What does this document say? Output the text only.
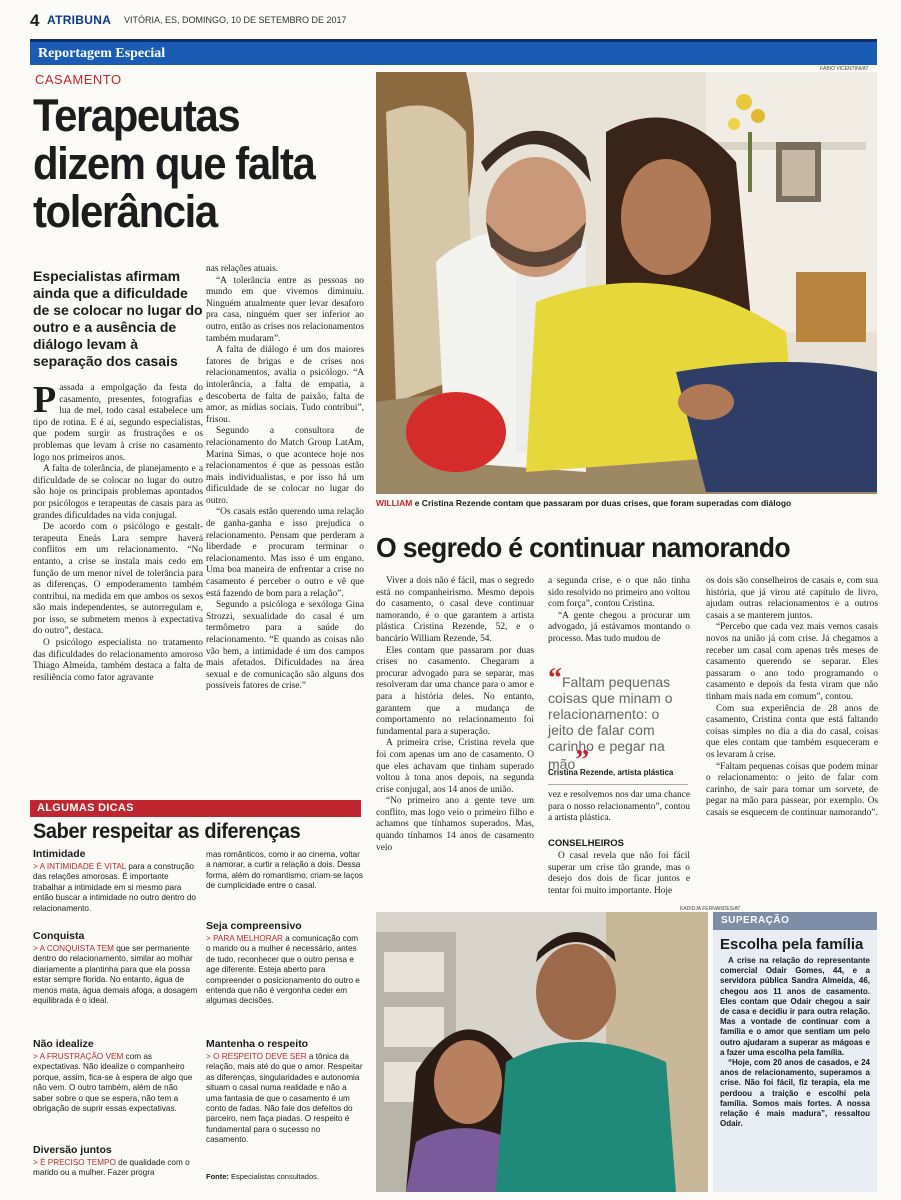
4 ATRIBUNA VITÓRIA, ES, DOMINGO, 10 DE SETEMBRO DE 2017
Reportagem Especial
CASAMENTO
Terapeutas dizem que falta tolerância
Especialistas afirmam ainda que a dificuldade de se colocar no lugar do outro e a ausência de diálogo levam à separação dos casais

Passada a empolgação da festa do casamento, presentes, fotografias e lua de mel, todo casal estabelece um tipo de rotina. E é aí, segundo especialistas, que podem surgir as frustrações e os problemas que levam à crise no casamento logo nos primeiros anos.

A falta de tolerância, de planejamento e a dificuldade de se colocar no lugar do outro são hoje os principais problemas apontados por psicólogos e terapeutas de casais para as grandes dificuldades na vida conjugal.

De acordo com o psicólogo e gestalt-terapeuta Eneás Lara sempre haverá conflitos em um relacionamento. “No entanto, a crise se instala mais cedo em função de um menor nível de tolerância para as diferenças. O empoderamento também contribui, na medida em que ambos os sexos são mais independentes, se autorregulam e, por isso, se submetem menos à expectativa do outro”, destaca.

O psicólogo especialista no tratamento das dificuldades do relacionamento amoroso Thiago Almeida, também destaca a falta de resiliência como fator agravante

nas relações atuais.

“A tolerância entre as pessoas no mundo em que vivemos diminuiu. Ninguém atualmente quer levar desaforo pra casa, ninguém quer ser inferior ao outro, então as crises nos relacionamentos também mudaram”.

A falta de diálogo é um dos maiores fatores de brigas e de crises nos relacionamentos, avalia o psicólogo. “A intolerância, a falta de empatia, a descoberta de falta de paixão, falta de amor, as mídias sociais. Tudo contribui”, frisou.

Segundo a consultora de relacionamento do Match Group LatAm, Marina Simas, o que acontece hoje nos relacionamentos é que as pessoas estão mais individualistas, e por isso há um dificuldade de se colocar no lugar do outro.

“Os casais estão querendo uma relação de ganha-ganha e isso prejudica o relacionamento. Pensam que perderam a liberdade e procuram terminar o relacionamento. Mas isso é um engano. Uma boa maneira de enfrentar a crise no casamento é perceber o outro e vê que está fazendo de bom para a relação”.

Segundo a psicóloga e sexóloga Gina Strozzi, sexualidade do casal é um termômetro para a saúde do relacionamento. “E quando as coisas não vão bem, a intimidade é um dos campos mais afetados. Dificuldades na área sexual e de comunicação são alguns dos possíveis fatores de crise.”

FÁBIO VICENTINI/AT
WILLIAM e Cristina Rezende contam que passaram por duas crises, que foram superadas com diálogo
O segredo é continuar namorando

Viver a dois não é fácil, mas o segredo está no companheirismo. Mesmo depois do casamento, o casal deve continuar namorando, é o que garantem a artista plástica Cristina Rezende, 52, e o bancário William Rezende, 54.

Eles contam que passaram por duas crises no casamento. Chegaram a procurar advogado para se separar, mas resolveram dar uma chance para o amor e para a história deles. No entanto, garantem que a mudança de comportamento no relacionamento foi fundamental para a superação.

A primeira crise, Cristina revela que foi com apenas um ano de casamento. O que eles achavam que tinham superado voltou à tona anos depois, na segunda crise conjugal, aos 14 anos de união.

“No primeiro ano a gente teve um conflito, mas logo veio o primeiro filho e achamos que tínhamos superados. Mas, quando tínhamos 14 anos de casamento veio

a segunda crise, e o que não tinha sido resolvido no primeiro ano voltou com força”, contou Cristina.

“A gente chegou a procurar um advogado, já estávamos montando o processo. Mas tudo mudou de

“Faltam pequenas coisas que minam o relacionamento: o jeito de falar com carinho e pegar na mão”
Cristina Rezende, artista plástica

vez e resolvemos nos dar uma chance para o nosso relacionamento”, contou a artista plástica.

CONSELHEIROS

O casal revela que não foi fácil superar um crise tão grande, mas o desejo dos dois de ficar juntos e tentar foi muito importante. Hoje

os dois são conselheiros de casais e, com sua história, que já virou até capítulo de livro, ajudam outras relacionamentos e a outros casais a se manterem juntos.

“Percebo que cada vez mais vemos casais novos na união já com crise. Já chegamos a receber um casal com apenas três meses de casamento querendo se separar. Eles passaram o ano todo programando o casamento e depois da festa viram que não tinham mais nada em comum”, contou.

Com sua experiência de 28 anos de casamento, Cristina conta que está faltando coisas simples no dia a dia do casal, coisas que eles contam que também esqueceram e os levaram à crise.

“Faltam pequenas coisas que podem minar o relacionamento: o jeito de falar com carinho, de sair para tomar um sorvete, de pegar na mão para passear, por exemplo. Os casais se esquecem de continuar namorando”.

ALGUMAS DICAS
Saber respeitar as diferenças
Intimidade
> A INTIMIDADE É VITAL para a construção das relações amorosas. É importante trabalhar a intimidade em si mesmo para então buscar a intimidade no outro dentro do relacionamento.
Conquista
> A CONQUISTA TEM que ser permanente dentro do relacionamento, similar ao molhar diariamente a plantinha para que ela possa estar sempre florida. No entanto, água de menos mata, água demais afoga, a dosagem equilibrada é o ideal.
Não idealize
> A FRUSTRAÇÃO VEM com as expectativas. Não idealize o companheiro porque, assim, fica-se à espera de algo que não vem. O outro também, além de não saber sobre o que se espera, não tem a obrigação de suprir essas expectativas.
Diversão juntos
> É PRECISO TEMPO de qualidade com o marido ou a mulher. Fazer progra
mas românticos, como ir ao cinema, voltar a namorar, a curtir a relação a dois. Dessa forma, além do romantismo, criam-se laços de cumplicidade entre o casal.
Seja compreensivo
> PARA MELHORAR a comunicação com o marido ou a mulher é necessário, antes de tudo, reconhecer que o outro pensa e age diferente. Esteja aberto para compreender o posicionamento do outro e entenda que não é vergonha ceder em algumas decisões.
Mantenha o respeito
> O RESPEITO DEVE SER a tônica da relação, mais até do que o amor. Respeitar as diferenças, singularidades e autonomia situam o casal numa realidade e não a uma fantasia de que o casamento é um conto de fadas. Não fale dos defeitos do parceiro, nem faça piadas. O respeito é fundamental para o sucesso no casamento.
Fonte: Especialistas consultados.
KADIDJA FERNANDES/AT
SUPERAÇÃO
Escolha pela família

A crise na relação do representante comercial Odair Gomes, 44, e a servidora pública Sandra Almeida, 46, chegou aos 11 anos de casamento. Eles contam que Odair chegou a sair de casa e decidiu ir para outra relação. Mas a vontade de continuar com a família e o amor que sentiam um pelo outro ajudaram a superar as mágoas e a fazer uma escolha pela família.

“Hoje, com 20 anos de casados, e 24 anos de relacionamento, superamos a crise. Não foi fácil, fiz terapia, ela me perdoou a traição e escolhi pela família. Somos mais fortes. A nossa relação é mais madura”, ressaltou Odair.
